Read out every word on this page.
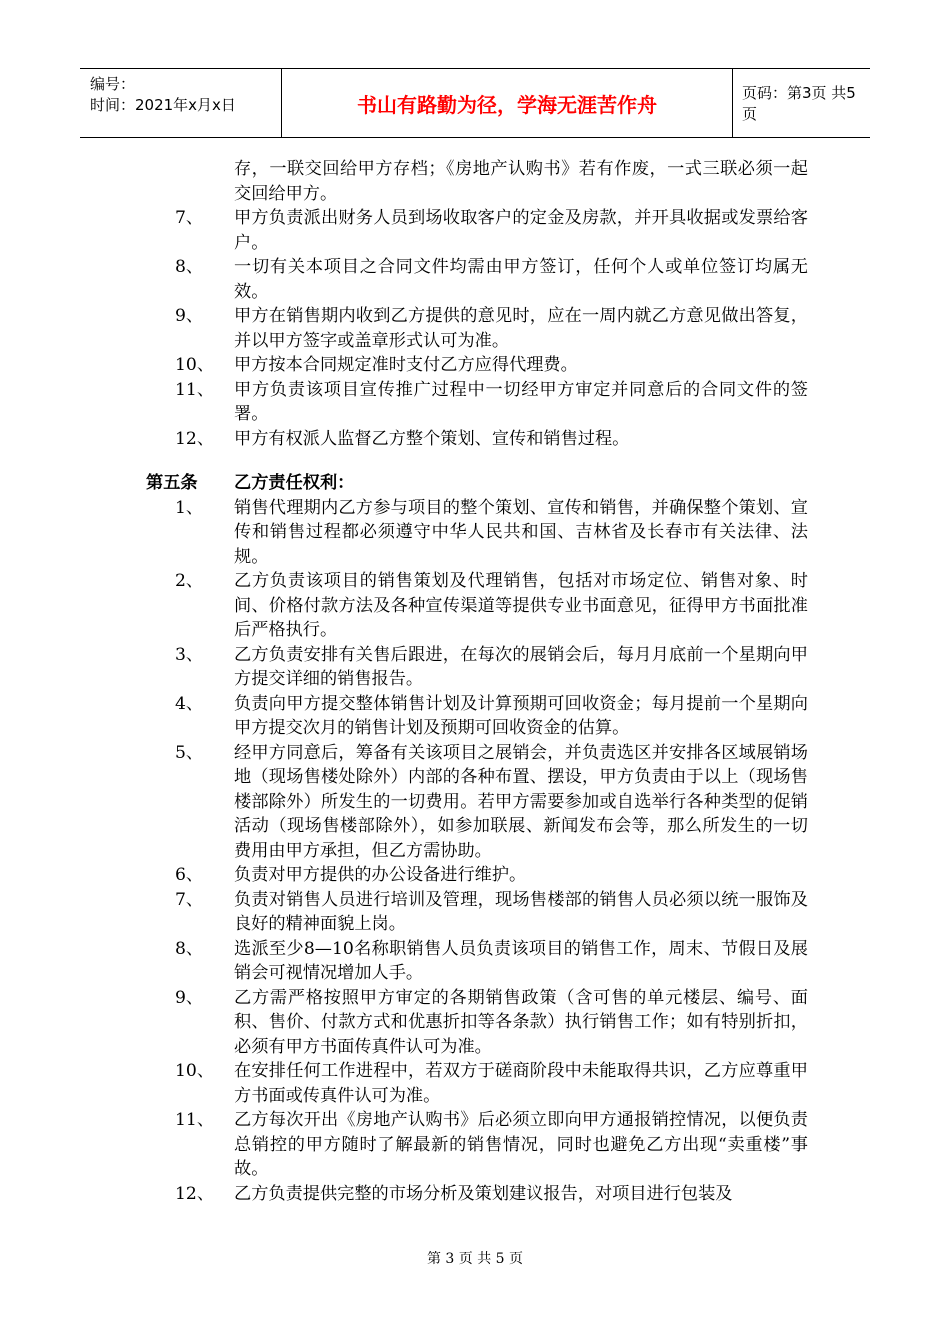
编号：
时间：2021年x月x日	书山有路勤为径，学海无涯苦作舟	页码：第3页 共5页
存，一联交回给甲方存档；《房地产认购书》若有作废，一式三联必须一起交回给甲方。
7、 甲方负责派出财务人员到场收取客户的定金及房款，并开具收据或发票给客户。
8、 一切有关本项目之合同文件均需由甲方签订，任何个人或单位签订均属无效。
9、 甲方在销售期内收到乙方提供的意见时，应在一周内就乙方意见做出答复，并以甲方签字或盖章形式认可为准。
10、 甲方按本合同规定准时支付乙方应得代理费。
11、 甲方负责该项目宣传推广过程中一切经甲方审定并同意后的合同文件的签署。
12、 甲方有权派人监督乙方整个策划、宣传和销售过程。
第五条 乙方责任权利：
1、 销售代理期内乙方参与项目的整个策划、宣传和销售，并确保整个策划、宣传和销售过程都必须遵守中华人民共和国、吉林省及长春市有关法律、法规。
2、 乙方负责该项目的销售策划及代理销售，包括对市场定位、销售对象、时间、价格付款方法及各种宣传渠道等提供专业书面意见，征得甲方书面批准后严格执行。
3、 乙方负责安排有关售后跟进，在每次的展销会后，每月月底前一个星期向甲方提交详细的销售报告。
4、 负责向甲方提交整体销售计划及计算预期可回收资金；每月提前一个星期向甲方提交次月的销售计划及预期可回收资金的估算。
5、 经甲方同意后，筹备有关该项目之展销会，并负责选区并安排各区域展销场地（现场售楼处除外）内部的各种布置、摆设，甲方负责由于以上（现场售楼部除外）所发生的一切费用。若甲方需要参加或自选举行各种类型的促销活动（现场售楼部除外），如参加联展、新闻发布会等，那么所发生的一切费用由甲方承担，但乙方需协助。
6、 负责对甲方提供的办公设备进行维护。
7、 负责对销售人员进行培训及管理，现场售楼部的销售人员必须以统一服饰及良好的精神面貌上岗。
8、 选派至少8—10名称职销售人员负责该项目的销售工作，周末、节假日及展销会可视情况增加人手。
9、 乙方需严格按照甲方审定的各期销售政策（含可售的单元楼层、编号、面积、售价、付款方式和优惠折扣等各条款）执行销售工作；如有特别折扣，必须有甲方书面传真件认可为准。
10、 在安排任何工作进程中，若双方于磋商阶段中未能取得共识，乙方应尊重甲方书面或传真件认可为准。
11、 乙方每次开出《房地产认购书》后必须立即向甲方通报销控情况，以便负责总销控的甲方随时了解最新的销售情况，同时也避免乙方出现“卖重楼”事故。
12、 乙方负责提供完整的市场分析及策划建议报告，对项目进行包装及
第 3 页 共 5 页
